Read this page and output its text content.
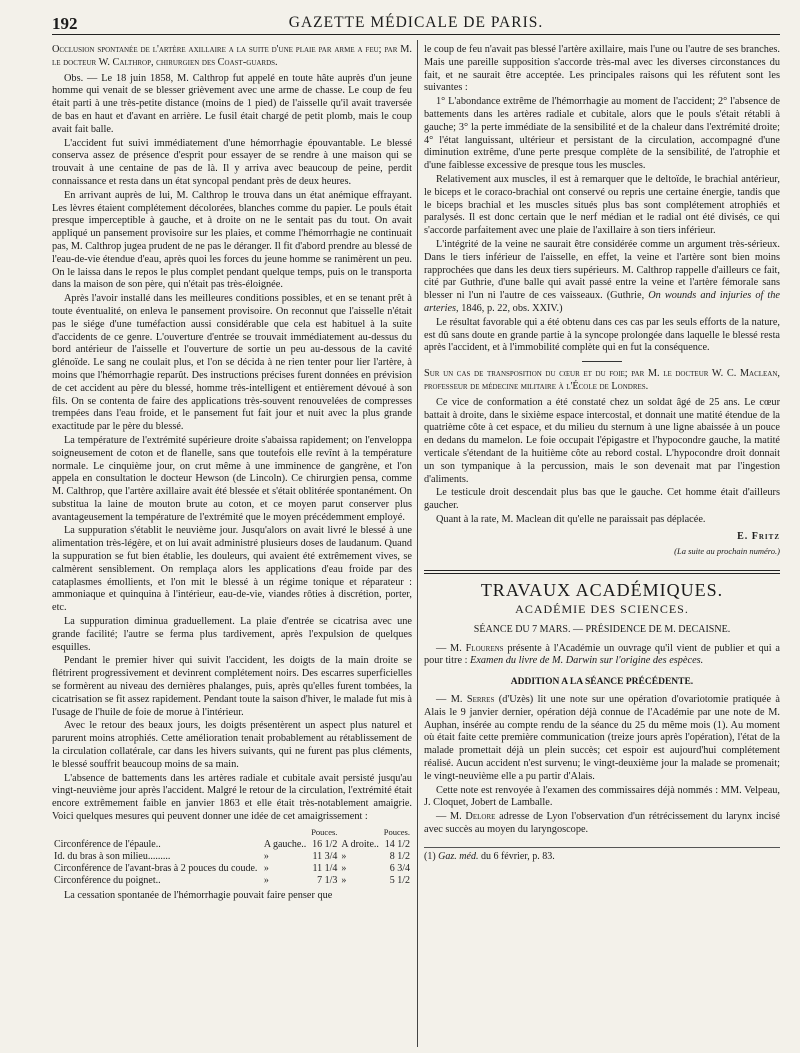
192	GAZETTE MÉDICALE DE PARIS.

Occlusion spontanée de l'artère axillaire a la suite d'une plaie par arme a feu; par M. le docteur W. Calthrop, chirurgien des Coast-guards.

Obs. — Le 18 juin 1858, M. Calthrop fut appelé en toute hâte auprès d'un jeune homme qui venait de se blesser grièvement avec une arme de chasse. Le coup de feu était parti à une très-petite distance (moins de 1 pied) de l'aisselle qu'il avait traversée de bas en haut et d'avant en arrière. Le fusil était chargé de petit plomb, mais le coup avait fait balle.

L'accident fut suivi immédiatement d'une hémorrhagie épouvantable. Le blessé conserva assez de présence d'esprit pour essayer de se rendre à une maison qui se trouvait à une centaine de pas de là. Il y arriva avec beaucoup de peine, perdit connaissance et resta dans un état syncopal pendant près de deux heures.

En arrivant auprès de lui, M. Calthrop le trouva dans un état anémique effrayant. Les lèvres étaient complétement décolorées, blanches comme du papier. Le pouls était presque imperceptible à gauche, et à droite on ne le sentait pas du tout. On avait appliqué un pansement provisoire sur les plaies, et comme l'hémorrhagie ne continuait pas, M. Calthrop jugea prudent de ne pas le déranger. Il fit d'abord prendre au blessé de l'eau-de-vie étendue d'eau, après quoi les forces du jeune homme se ranimèrent un peu. On le laissa dans le repos le plus complet pendant quelque temps, puis on le transporta dans la maison de son père, qui n'était pas très-éloignée.

Après l'avoir installé dans les meilleures conditions possibles, et en se tenant prêt à toute éventualité, on enleva le pansement provisoire. On reconnut que l'aisselle n'était pas le siége d'une tuméfaction aussi considérable que cela est habituel à la suite d'accidents de ce genre. L'ouverture d'entrée se trouvait immédiatement au-dessus du bord antérieur de l'aisselle et l'ouverture de sortie un peu au-dessous de la cavité glénoïde. Le sang ne coulait plus, et l'on se décida à ne rien tenter pour lier l'artère, à moins que l'hémorrhagie reparût. Des instructions précises furent données en prévision de cet accident au père du blessé, homme très-intelligent et entièrement dévoué à son fils. On se contenta de faire des applications très-souvent renouvelées de compresses trempées dans l'eau froide, et le pansement fut fait jour et nuit avec la plus grande exactitude par le père du blessé.

La température de l'extrémité supérieure droite s'abaissa rapidement; on l'enveloppa soigneusement de coton et de flanelle, sans que toutefois elle revînt à la température normale. Le cinquième jour, on crut même à une imminence de gangrène, et l'on appela en consultation le docteur Hewson (de Lincoln). Ce chirurgien pensa, comme M. Calthrop, que l'artère axillaire avait été blessée et s'était oblitérée spontanément. On substitua la laine de mouton brute au coton, et ce moyen parut conserver plus avantageusement la température de l'extrémité que le moyen précédemment employé.

La suppuration s'établit le neuvième jour. Jusqu'alors on avait livré le blessé à une alimentation très-légère, et on lui avait administré plusieurs doses de laudanum. Quand la suppuration se fut bien établie, les douleurs, qui avaient été extrêmement vives, se calmèrent sensiblement. On remplaça alors les applications d'eau froide par des cataplasmes émollients, et l'on mit le blessé à un régime tonique et réparateur : ammoniaque et quinquina à l'intérieur, eau-de-vie, viandes rôties à discrétion, porter, etc.

La suppuration diminua graduellement. La plaie d'entrée se cicatrisa avec une grande facilité; l'autre se ferma plus tardivement, après l'expulsion de quelques esquilles.

Pendant le premier hiver qui suivit l'accident, les doigts de la main droite se flétrirent progressivement et devinrent complétement noirs. Des escarres superficielles se formèrent au niveau des dernières phalanges, puis, après qu'elles furent tombées, la cicatrisation se fit assez rapidement. Pendant toute la saison d'hiver, le malade fut mis à l'usage de l'huile de foie de morue à l'intérieur.

Avec le retour des beaux jours, les doigts présentèrent un aspect plus naturel et parurent moins atrophiés. Cette amélioration tenait probablement au rétablissement de la circulation collatérale, car dans les hivers suivants, qui ne furent pas plus cléments, le blessé souffrit beaucoup moins de sa main.

L'absence de battements dans les artères radiale et cubitale avait persisté jusqu'au vingt-neuvième jour après l'accident. Malgré le retour de la circulation, l'extrémité était encore extrêmement faible en janvier 1863 et elle était très-notablement amaigrie. Voici quelques mesures qui peuvent donner une idée de cet amaigrissement :

		Pouces.		Pouces.
Circonférence de l'épaule..	A gauche..	16 1/2	A droite..	14 1/2
Id. du bras à son milieu.........	»	11 3/4	»	8 1/2
Circonférence de l'avant-bras à 2 pouces du coude.	»	11 1/4	»	6 3/4
Circonférence du poignet..	»	7 1/3	»	5 1/2

La cessation spontanée de l'hémorrhagie pouvait faire penser que

le coup de feu n'avait pas blessé l'artère axillaire, mais l'une ou l'autre de ses branches. Mais une pareille supposition s'accorde très-mal avec les diverses circonstances du fait, et ne saurait être acceptée. Les principales raisons qui les réfutent sont les suivantes :

1° L'abondance extrême de l'hémorrhagie au moment de l'accident; 2° l'absence de battements dans les artères radiale et cubitale, alors que le pouls s'était rétabli à gauche; 3° la perte immédiate de la sensibilité et de la chaleur dans l'extrémité droite; 4° l'état languissant, ultérieur et persistant de la circulation, accompagné d'une diminution extrême, d'une perte presque complète de la sensibilité, de l'atrophie et d'une faiblesse excessive de presque tous les muscles.

Relativement aux muscles, il est à remarquer que le deltoïde, le brachial antérieur, le biceps et le coraco-brachial ont conservé ou repris une certaine énergie, tandis que le biceps brachial et les muscles situés plus bas sont complétement atrophiés et paralysés. Il est donc certain que le nerf médian et le radial ont été divisés, ce qui s'accorde parfaitement avec une plaie de l'axillaire à son tiers inférieur.

L'intégrité de la veine ne saurait être considérée comme un argument très-sérieux. Dans le tiers inférieur de l'aisselle, en effet, la veine et l'artère sont bien moins rapprochées que dans les deux tiers supérieurs. M. Calthrop rappelle d'ailleurs ce fait, cité par Guthrie, d'une balle qui avait passé entre la veine et l'artère fémorale sans blesser ni l'un ni l'autre de ces vaisseaux. (Guthrie, On wounds and injuries of the arteries, 1846, p. 22, obs. XXIV.)

Le résultat favorable qui a été obtenu dans ces cas par les seuls efforts de la nature, est dû sans doute en grande partie à la syncope prolongée dans laquelle le blessé resta après l'accident, et à l'immobilité complète qui en fut la conséquence.

Sur un cas de transposition du cœur et du foie; par M. le docteur W. C. Maclean, professeur de médecine militaire à l'École de Londres.

Ce vice de conformation a été constaté chez un soldat âgé de 25 ans. Le cœur battait à droite, dans le sixième espace intercostal, et donnait une matité étendue de la quatrième côte à cet espace, et du milieu du sternum à une ligne abaissée à un pouce en dedans du mamelon. Le foie occupait l'épigastre et l'hypocondre gauche, la matité verticale s'étendant de la huitième côte au rebord costal. L'hypocondre droit donnait un son tympanique à la percussion, mais le son devenait mat par l'ingestion d'aliments.

Le testicule droit descendait plus bas que le gauche. Cet homme était d'ailleurs gaucher.

Quant à la rate, M. Maclean dit qu'elle ne paraissait pas déplacée.

E. Fritz
(La suite au prochain numéro.)
TRAVAUX ACADÉMIQUES.
ACADÉMIE DES SCIENCES.
SÉANCE DU 7 MARS. — PRÉSIDENCE DE M. DECAISNE.

— M. Flourens présente à l'Académie un ouvrage qu'il vient de publier et qui a pour titre : Examen du livre de M. Darwin sur l'origine des espèces.

ADDITION A LA SÉANCE PRÉCÉDENTE.

— M. Serres (d'Uzès) lit une note sur une opération d'ovariotomie pratiquée à Alais le 9 janvier dernier, opération déjà connue de l'Académie par une note de M. Auphan, insérée au compte rendu de la séance du 25 du même mois (1). Au moment où était faite cette première communication (treize jours après l'opération), l'état de la malade promettait déjà un plein succès; cet espoir est aujourd'hui complétement réalisé. Aucun accident n'est survenu; le vingt-deuxième jour la malade se promenait; le vingt-neuvième elle a pu partir d'Alais.

Cette note est renvoyée à l'examen des commissaires déjà nommés : MM. Velpeau, J. Cloquet, Jobert de Lamballe.

— M. Delore adresse de Lyon l'observation d'un rétrécissement du larynx incisé avec succès au moyen du laryngoscope.

(1) Gaz. méd. du 6 février, p. 83.
